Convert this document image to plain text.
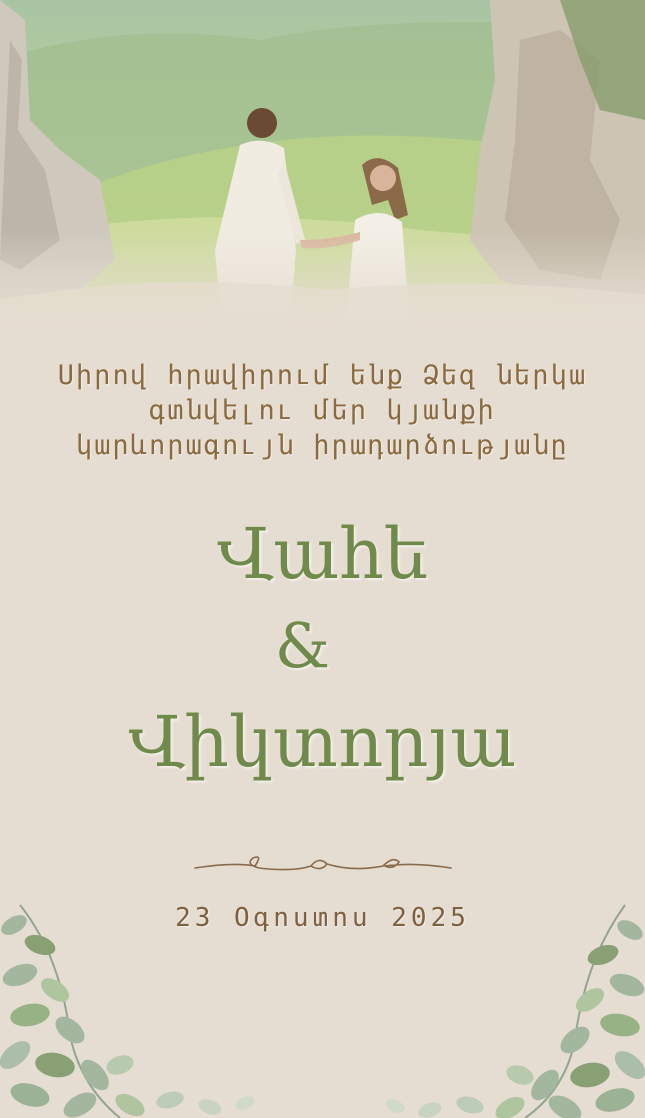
Սիրով հրավիրում ենք Ձեզ ներկա
գտնվելու մեր կյանքի
կարևորագույն իրադարձությանը
Վահե
&
Վիկտորյա
23 Օգոստոս 2025
